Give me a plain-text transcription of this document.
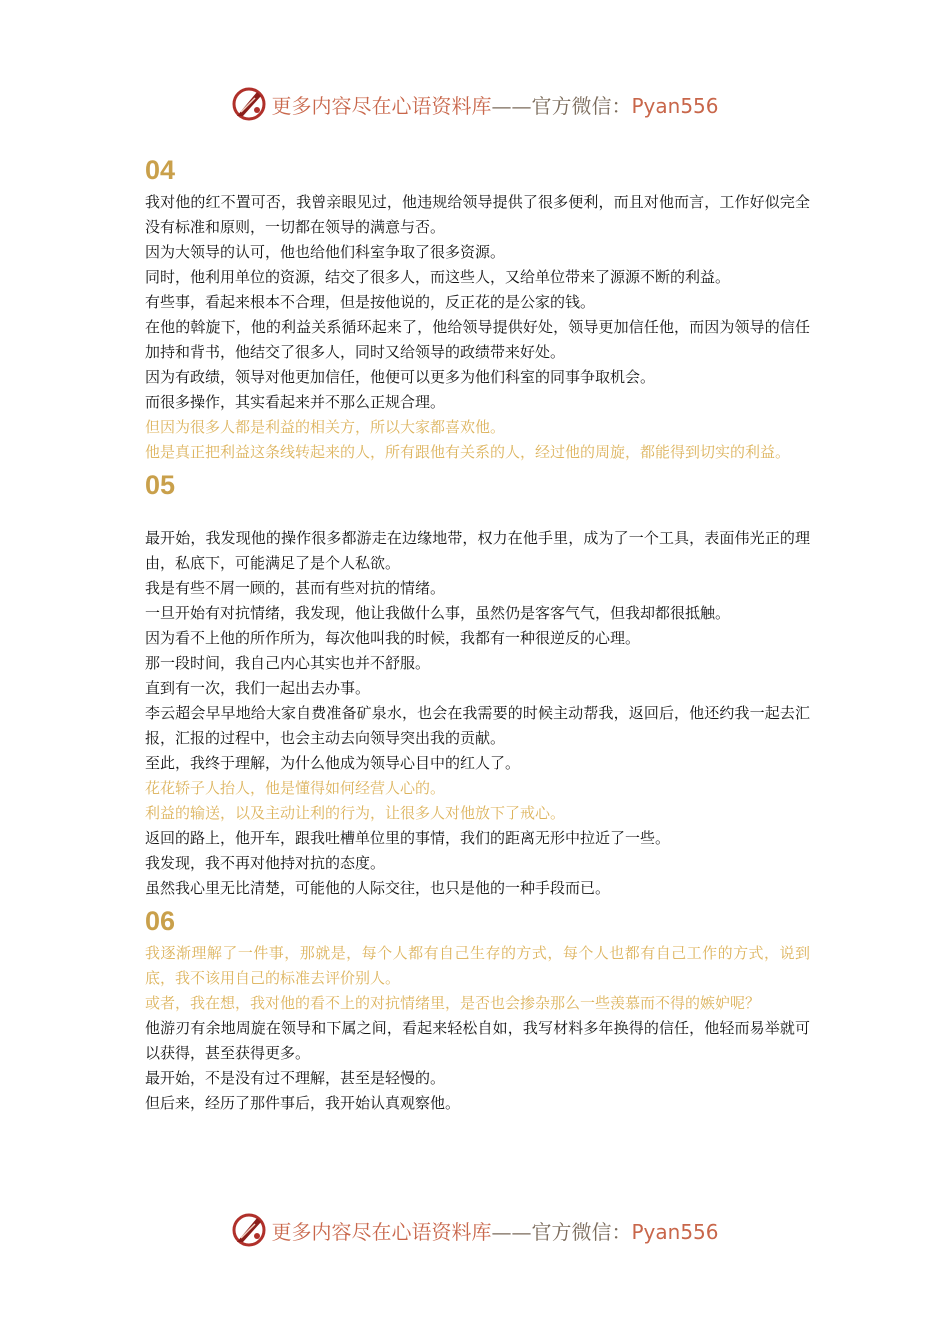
更多内容尽在心语资料库——官方微信：Pyan556
04
我对他的红不置可否，我曾亲眼见过，他违规给领导提供了很多便利，而且对他而言，工作好似完全没有标准和原则，一切都在领导的满意与否。
因为大领导的认可，他也给他们科室争取了很多资源。
同时，他利用单位的资源，结交了很多人，而这些人，又给单位带来了源源不断的利益。
有些事，看起来根本不合理，但是按他说的，反正花的是公家的钱。
在他的斡旋下，他的利益关系循环起来了，他给领导提供好处，领导更加信任他，而因为领导的信任加持和背书，他结交了很多人，同时又给领导的政绩带来好处。
因为有政绩，领导对他更加信任，他便可以更多为他们科室的同事争取机会。
而很多操作，其实看起来并不那么正规合理。
但因为很多人都是利益的相关方，所以大家都喜欢他。
他是真正把利益这条线转起来的人，所有跟他有关系的人，经过他的周旋，都能得到切实的利益。
05
最开始，我发现他的操作很多都游走在边缘地带，权力在他手里，成为了一个工具，表面伟光正的理由，私底下，可能满足了是个人私欲。
我是有些不屑一顾的，甚而有些对抗的情绪。
一旦开始有对抗情绪，我发现，他让我做什么事，虽然仍是客客气气，但我却都很抵触。
因为看不上他的所作所为，每次他叫我的时候，我都有一种很逆反的心理。
那一段时间，我自己内心其实也并不舒服。
直到有一次，我们一起出去办事。
李云超会早早地给大家自费准备矿泉水，也会在我需要的时候主动帮我，返回后，他还约我一起去汇报，汇报的过程中，也会主动去向领导突出我的贡献。
至此，我终于理解，为什么他成为领导心目中的红人了。
花花轿子人抬人，他是懂得如何经营人心的。
利益的输送，以及主动让利的行为，让很多人对他放下了戒心。
返回的路上，他开车，跟我吐槽单位里的事情，我们的距离无形中拉近了一些。
我发现，我不再对他持对抗的态度。
虽然我心里无比清楚，可能他的人际交往，也只是他的一种手段而已。
06
我逐渐理解了一件事，那就是，每个人都有自己生存的方式，每个人也都有自己工作的方式，说到底，我不该用自己的标准去评价别人。
或者，我在想，我对他的看不上的对抗情绪里，是否也会掺杂那么一些羡慕而不得的嫉妒呢？
他游刃有余地周旋在领导和下属之间，看起来轻松自如，我写材料多年换得的信任，他轻而易举就可以获得，甚至获得更多。
最开始，不是没有过不理解，甚至是轻慢的。
但后来，经历了那件事后，我开始认真观察他。
更多内容尽在心语资料库——官方微信：Pyan556
